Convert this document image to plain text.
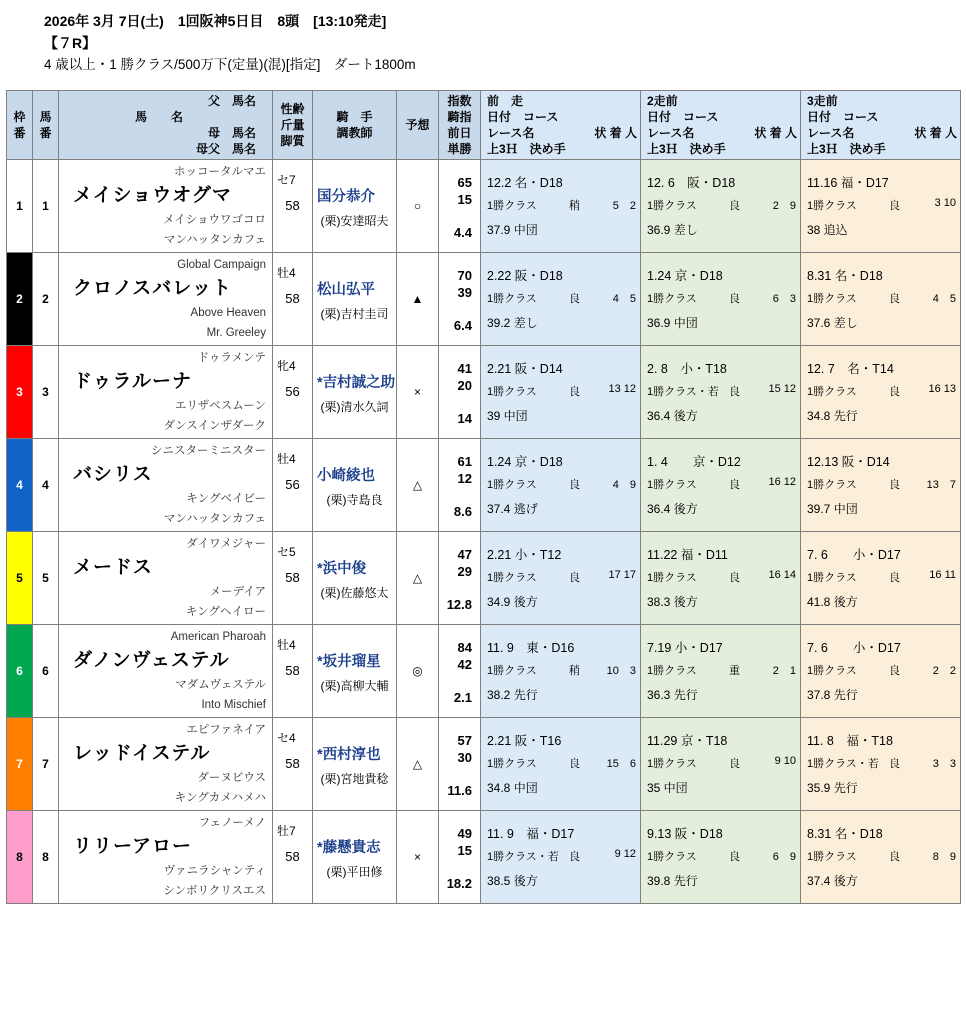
2026年 3月 7日(土)　1回阪神5日目　8頭　[13:10発走]
【７R】
4 歳以上・1 勝クラス/500万下(定量)(混)[指定]　ダート1800m
枠
番

馬
番

父　馬名
馬　　名
母　馬名
母父　馬名

性齢
斤量
脚質

騎　手
調教師

予想

指数
騎指
前日
単勝

前　走
日付　コース
レース名	状 着 人
上3Ｈ　決め手

2走前
日付　コース
レース名	状 着 人
上3Ｈ　決め手

3走前
日付　コース
レース名	状 着 人
上3Ｈ　決め手

1	1	
ホッコータルマエ
メイショウオグマ
メイショウワゴコロ
マンハッタンカフェ

セ7
58

国分恭介
(栗)安達昭夫
	○	
65
15
4.4

12.2 名・D18
1勝クラス	稍	5　2
37.9 中団

12. 6　阪・D18
1勝クラス	良	2　9
36.9 差し

11.16 福・D17
1勝クラス	良	3 10
38 追込

2	2	
Global Campaign
クロノスバレット
Above Heaven
Mr. Greeley

牡4
58

松山弘平
(栗)吉村圭司
	▲	
70
39
6.4

2.22 阪・D18
1勝クラス	良	4　5
39.2 差し

1.24 京・D18
1勝クラス	良	6　3
36.9 中団

8.31 名・D18
1勝クラス	良	4　5
37.6 差し

3	3	
ドゥラメンテ
ドゥラルーナ
エリザベスムーン
ダンスインザダーク

牝4
56

*吉村誠之助
(栗)清水久詞
	×	
41
20
14

2.21 阪・D14
1勝クラス	良	13 12
39 中団

2. 8　小・T18
1勝クラス・若 良	15 12
36.4 後方

12. 7　名・T14
1勝クラス	良	16 13
34.8 先行

4	4	
シニスターミニスター
バシリス
キングベイビー
マンハッタンカフェ

牡4
56

小崎綾也
(栗)寺島良
	△	
61
12
8.6

1.24 京・D18
1勝クラス	良	4　9
37.4 逃げ

1. 4　　京・D12
1勝クラス	良	16 12
36.4 後方

12.13 阪・D14
1勝クラス	良	13　7
39.7 中団

5	5	
ダイワメジャー
メードス
メーデイア
キングヘイロー

セ5
58

*浜中俊
(栗)佐藤悠太
	△	
47
29
12.8

2.21 小・T12
1勝クラス	良	17 17
34.9 後方

11.22 福・D11
1勝クラス	良	16 14
38.3 後方

7. 6　　小・D17
1勝クラス	良	16 11
41.8 後方

6	6	
American Pharoah
ダノンヴェステル
マダムヴェステル
Into Mischief

牡4
58

*坂井瑠星
(栗)高柳大輔
	◎	
84
42
2.1

11. 9　東・D16
1勝クラス	稍	10　3
38.2 先行

7.19 小・D17
1勝クラス	重	2　1
36.3 先行

7. 6　　小・D17
1勝クラス	良	2　2
37.8 先行

7	7	
エピファネイア
レッドイステル
ダーヌビウス
キングカメハメハ

セ4
58

*西村淳也
(栗)宮地貴稔
	△	
57
30
11.6

2.21 阪・T16
1勝クラス	良	15　6
34.8 中団

11.29 京・T18
1勝クラス	良	9 10
35 中団

11. 8　福・T18
1勝クラス・若 良	3　3
35.9 先行

8	8	
フェノーメノ
リリーアロー
ヴァニラシャンティ
シンボリクリスエス

牡7
58

*藤懸貴志
(栗)平田修
	×	
49
15
18.2

11. 9　福・D17
1勝クラス・若 良	9 12
38.5 後方

9.13 阪・D18
1勝クラス	良	6　9
39.8 先行

8.31 名・D18
1勝クラス	良	8　9
37.4 後方
